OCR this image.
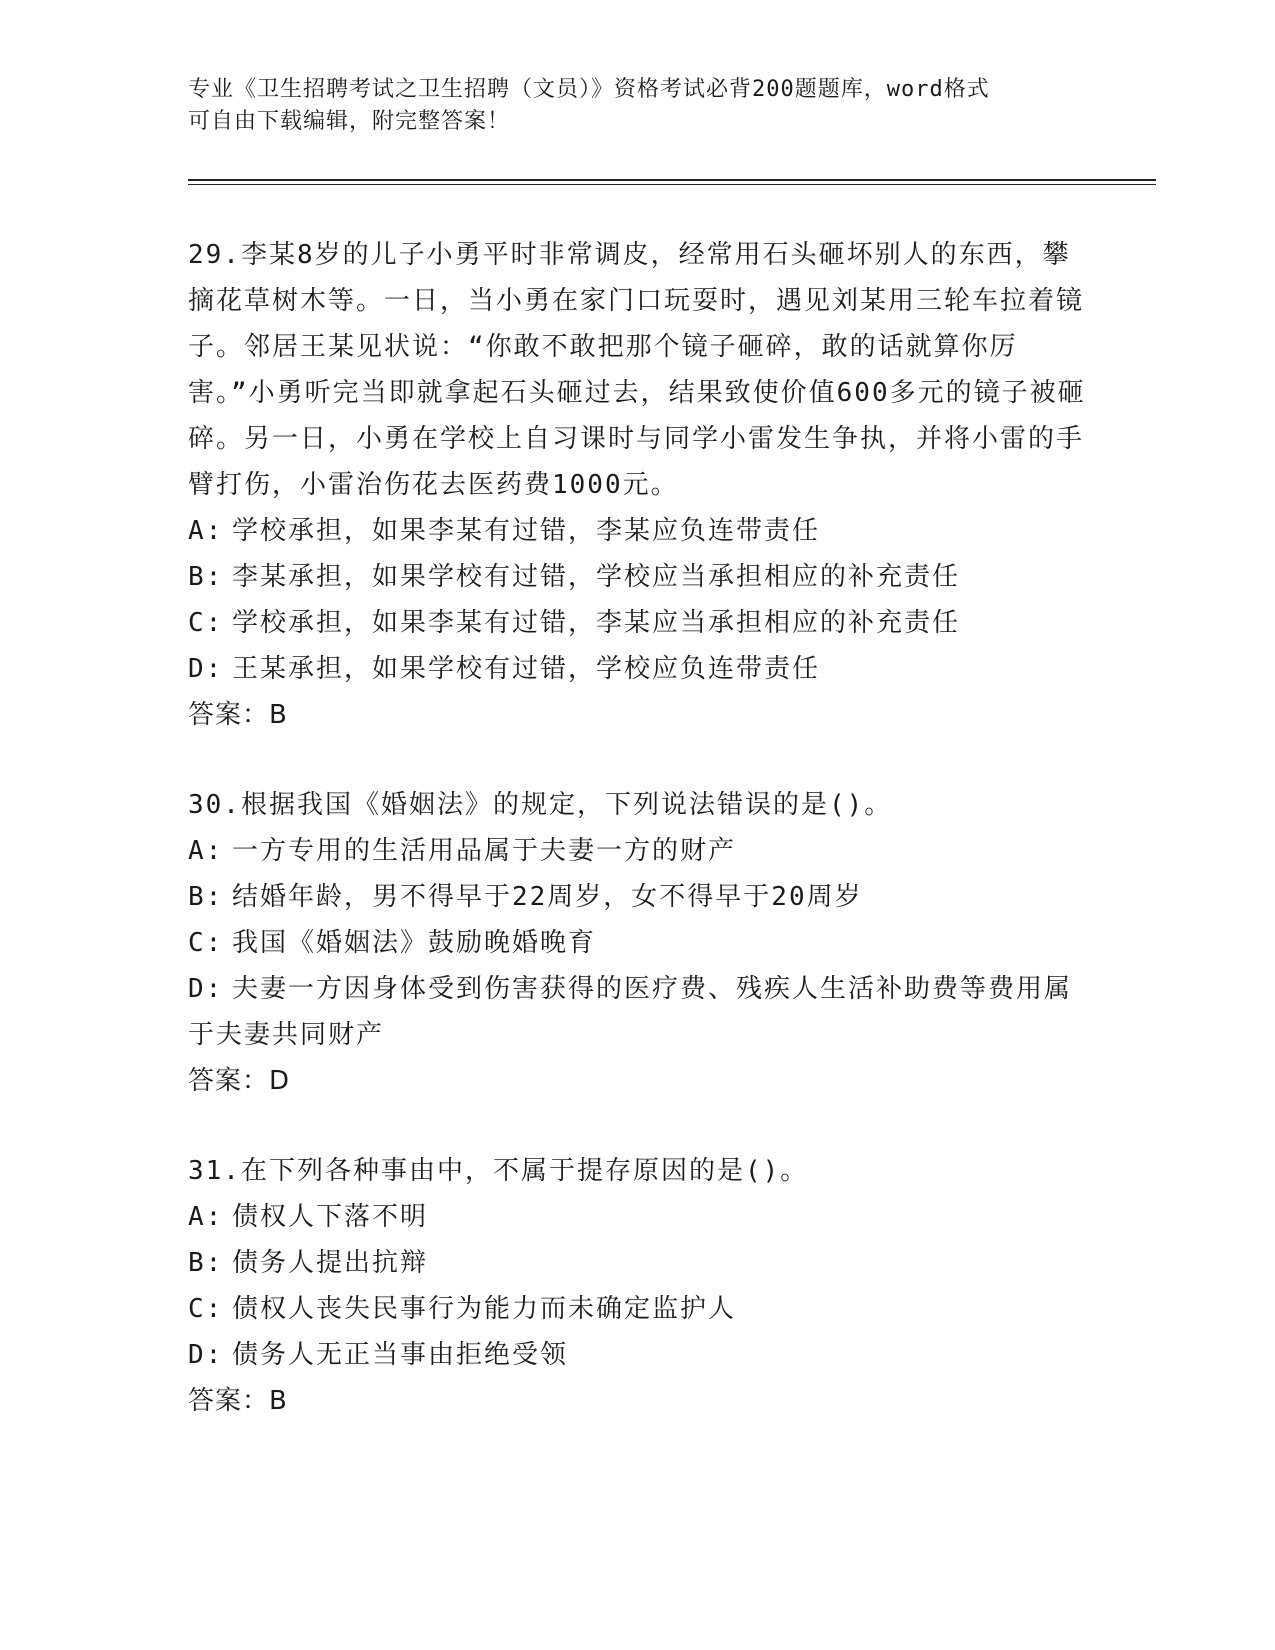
专业《卫生招聘考试之卫生招聘（文员）》资格考试必背200题题库，word格式
可自由下载编辑，附完整答案！

29.李某8岁的儿子小勇平时非常调皮，经常用石头砸坏别人的东西，攀摘花草树木等。一日，当小勇在家门口玩耍时，遇见刘某用三轮车拉着镜子。邻居王某见状说：“你敢不敢把那个镜子砸碎，敢的话就算你厉害。”小勇听完当即就拿起石头砸过去，结果致使价值600多元的镜子被砸碎。另一日，小勇在学校上自习课时与同学小雷发生争执，并将小雷的手臂打伤，小雷治伤花去医药费1000元。

A: 学校承担，如果李某有过错，李某应负连带责任

B: 李某承担，如果学校有过错，学校应当承担相应的补充责任

C: 学校承担，如果李某有过错，李某应当承担相应的补充责任

D: 王某承担，如果学校有过错，学校应负连带责任

答案：B

30.根据我国《婚姻法》的规定，下列说法错误的是()。

A: 一方专用的生活用品属于夫妻一方的财产

B: 结婚年龄，男不得早于22周岁，女不得早于20周岁

C: 我国《婚姻法》鼓励晚婚晚育

D: 夫妻一方因身体受到伤害获得的医疗费、残疾人生活补助费等费用属于夫妻共同财产

答案：D

31.在下列各种事由中，不属于提存原因的是()。

A: 债权人下落不明

B: 债务人提出抗辩

C: 债权人丧失民事行为能力而未确定监护人

D: 债务人无正当事由拒绝受领

答案：B
